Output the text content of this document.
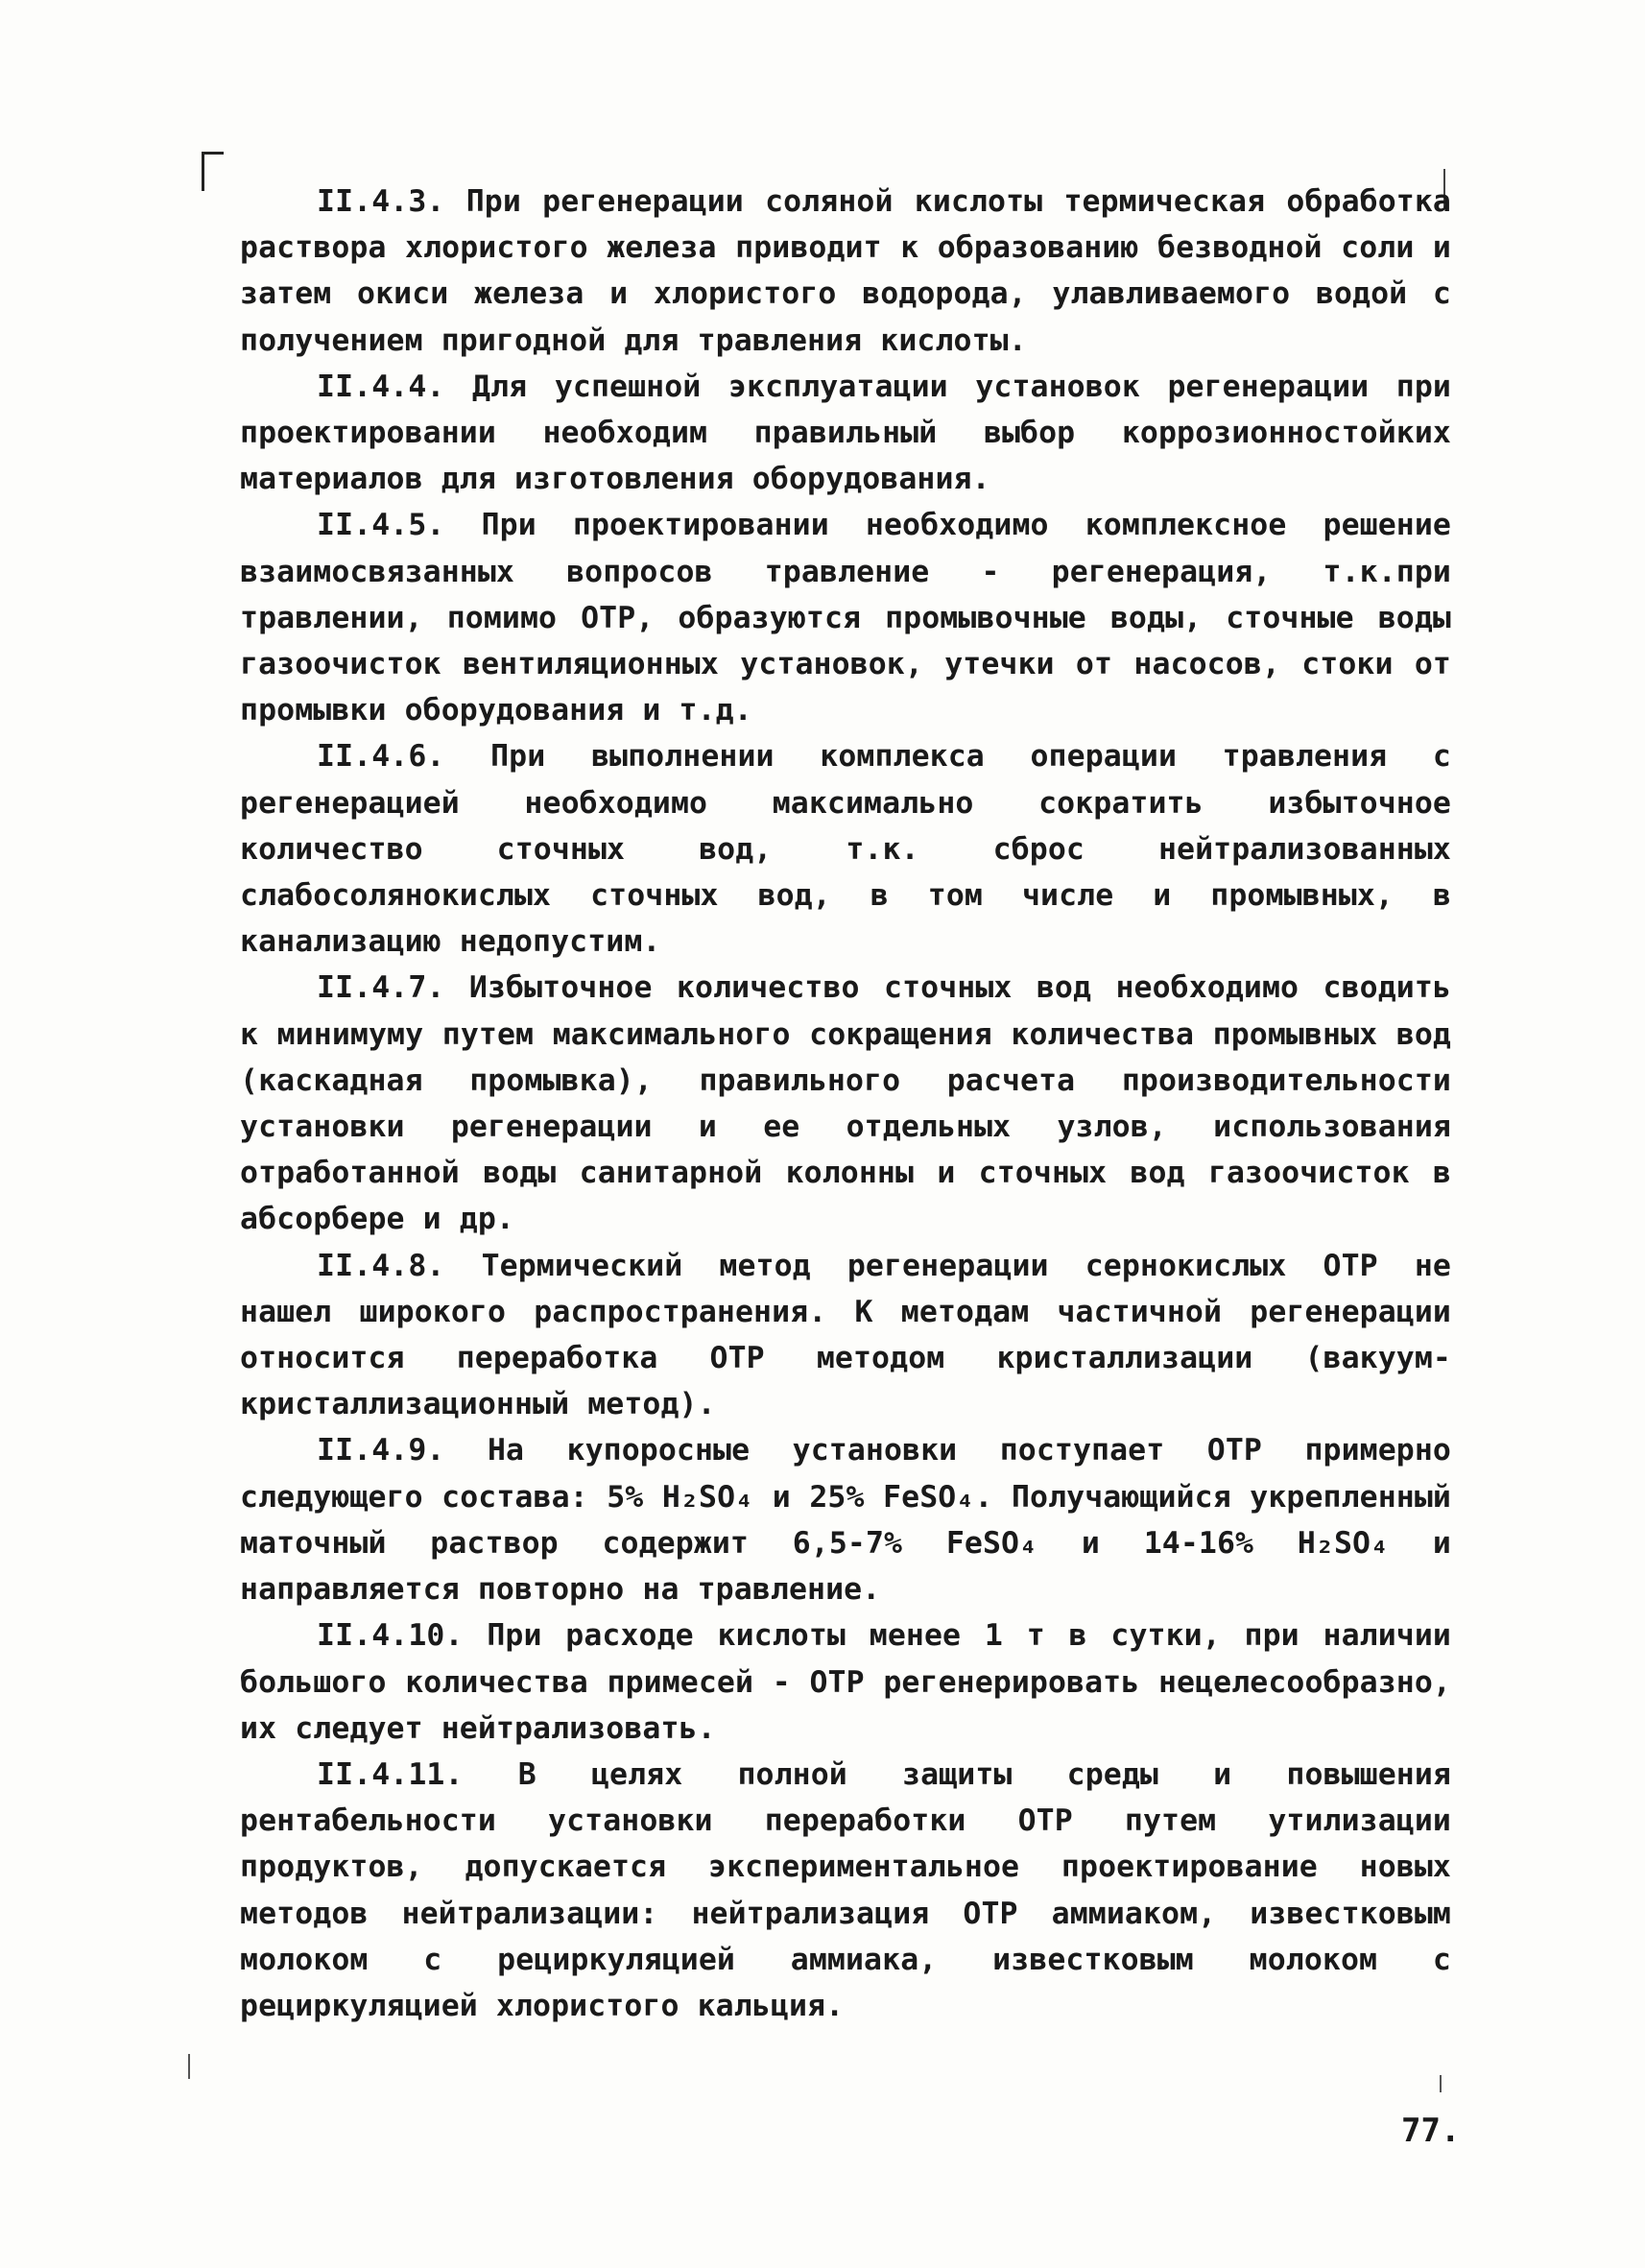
II.4.3. При регенерации соляной кислоты термическая обработка раствора хлористого железа приводит к образованию безводной соли и затем окиси железа и хлористого водорода, улавливаемого водой с получением пригодной для травления кислоты.

II.4.4. Для успешной эксплуатации установок регенерации при проектировании необходим правильный выбор коррозионностойких материалов для изготовления оборудования.

II.4.5. При проектировании необходимо комплексное решение взаимосвязанных вопросов травление - регенерация, т.к.при травлении, помимо ОТР, образуются промывочные воды, сточные воды газоочисток вентиляционных установок, утечки от насосов, стоки от промывки оборудования и т.д.

II.4.6. При выполнении комплекса операции травления с регенерацией необходимо максимально сократить избыточное количество сточных вод, т.к. сброс нейтрализованных слабосолянокислых сточных вод, в том числе и промывных, в канализацию недопустим.

II.4.7. Избыточное количество сточных вод необходимо сводить к минимуму путем максимального сокращения количества промывных вод (каскадная промывка), правильного расчета производительности установки регенерации и ее отдельных узлов, использования отработанной воды санитарной колонны и сточных вод газоочисток в абсорбере и др.

II.4.8. Термический метод регенерации сернокислых ОТР не нашел широкого распространения. К методам частичной регенерации относится переработка ОТР методом кристаллизации (вакуум-кристаллизационный метод).

II.4.9. На купоросные установки поступает ОТР примерно следующего состава: 5% H₂SO₄ и 25% FeSO₄. Получающийся укрепленный маточный раствор содержит 6,5-7% FeSO₄ и 14-16% H₂SO₄ и направляется повторно на травление.

II.4.10. При расходе кислоты менее 1 т в сутки, при наличии большого количества примесей - ОТР регенерировать нецелесообразно, их следует нейтрализовать.

II.4.11. В целях полной защиты среды и повышения рентабельности установки переработки ОТР путем утилизации продуктов, допускается экспериментальное проектирование новых методов нейтрализации: нейтрализация ОТР аммиаком, известковым молоком с рециркуляцией аммиака, известковым молоком с рециркуляцией хлористого кальция.

77.
